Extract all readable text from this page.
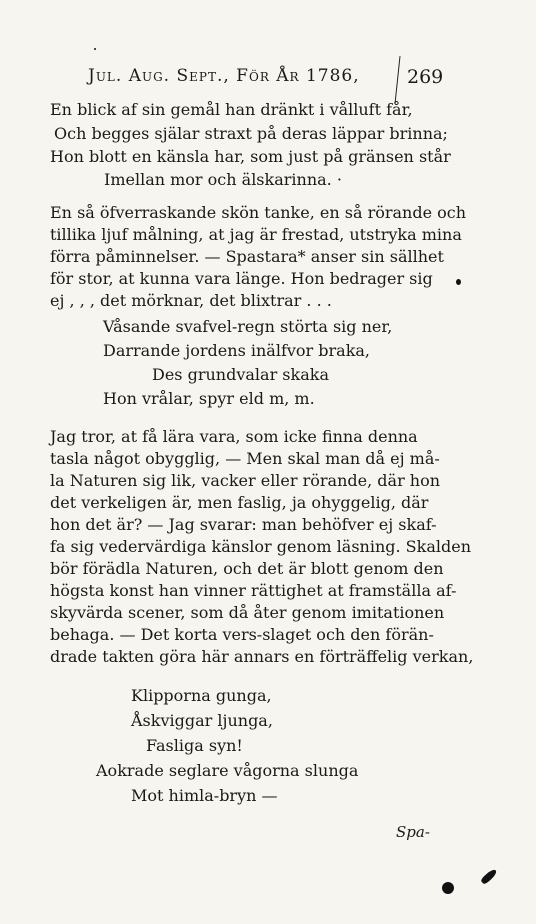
Jul. Aug. Sept., För År 1786, 269
En blick af sin gemål han dränkt i vålluft får,
Och begges själar straxt på deras läppar brinna;
Hon blott en känsla har, som just på gränsen står
Imellan mor och älskarinna. ·
En så öfverraskande skön tanke, en så rörande och
tillika ljuf målning, at jag är frestad, utstryka mina
förra påminnelser. — Spastara* anser sin sällhet
för stor, at kunna vara länge. Hon bedrager sig
ej , , , det mörknar, det blixtrar . . .
Våsande svafvel-regn störta sig ner,
Darrande jordens inälfvor braka,
Des grundvalar skaka
Hon vrålar, spyr eld m, m.
Jag tror, at få lära vara, som icke finna denna
tasla något obygglig, — Men skal man då ej må-
la Naturen sig lik, vacker eller rörande, där hon
det verkeligen är, men faslig, ja ohyggelig, där
hon det är? — Jag svarar: man behöfver ej skaf-
fa sig vedervärdiga känslor genom läsning. Skalden
bör förädla Naturen, och det är blott genom den
högsta konst han vinner rättighet at framställa af-
skyvärda scener, som då åter genom imitationen
behaga. — Det korta vers-slaget och den förän-
drade takten göra här annars en förträffelig verkan,
Klipporna gunga,
Åskviggar ljunga,
Fasliga syn!
Aokrade seglare vågorna slunga
Mot himla-bryn —
Spa-
